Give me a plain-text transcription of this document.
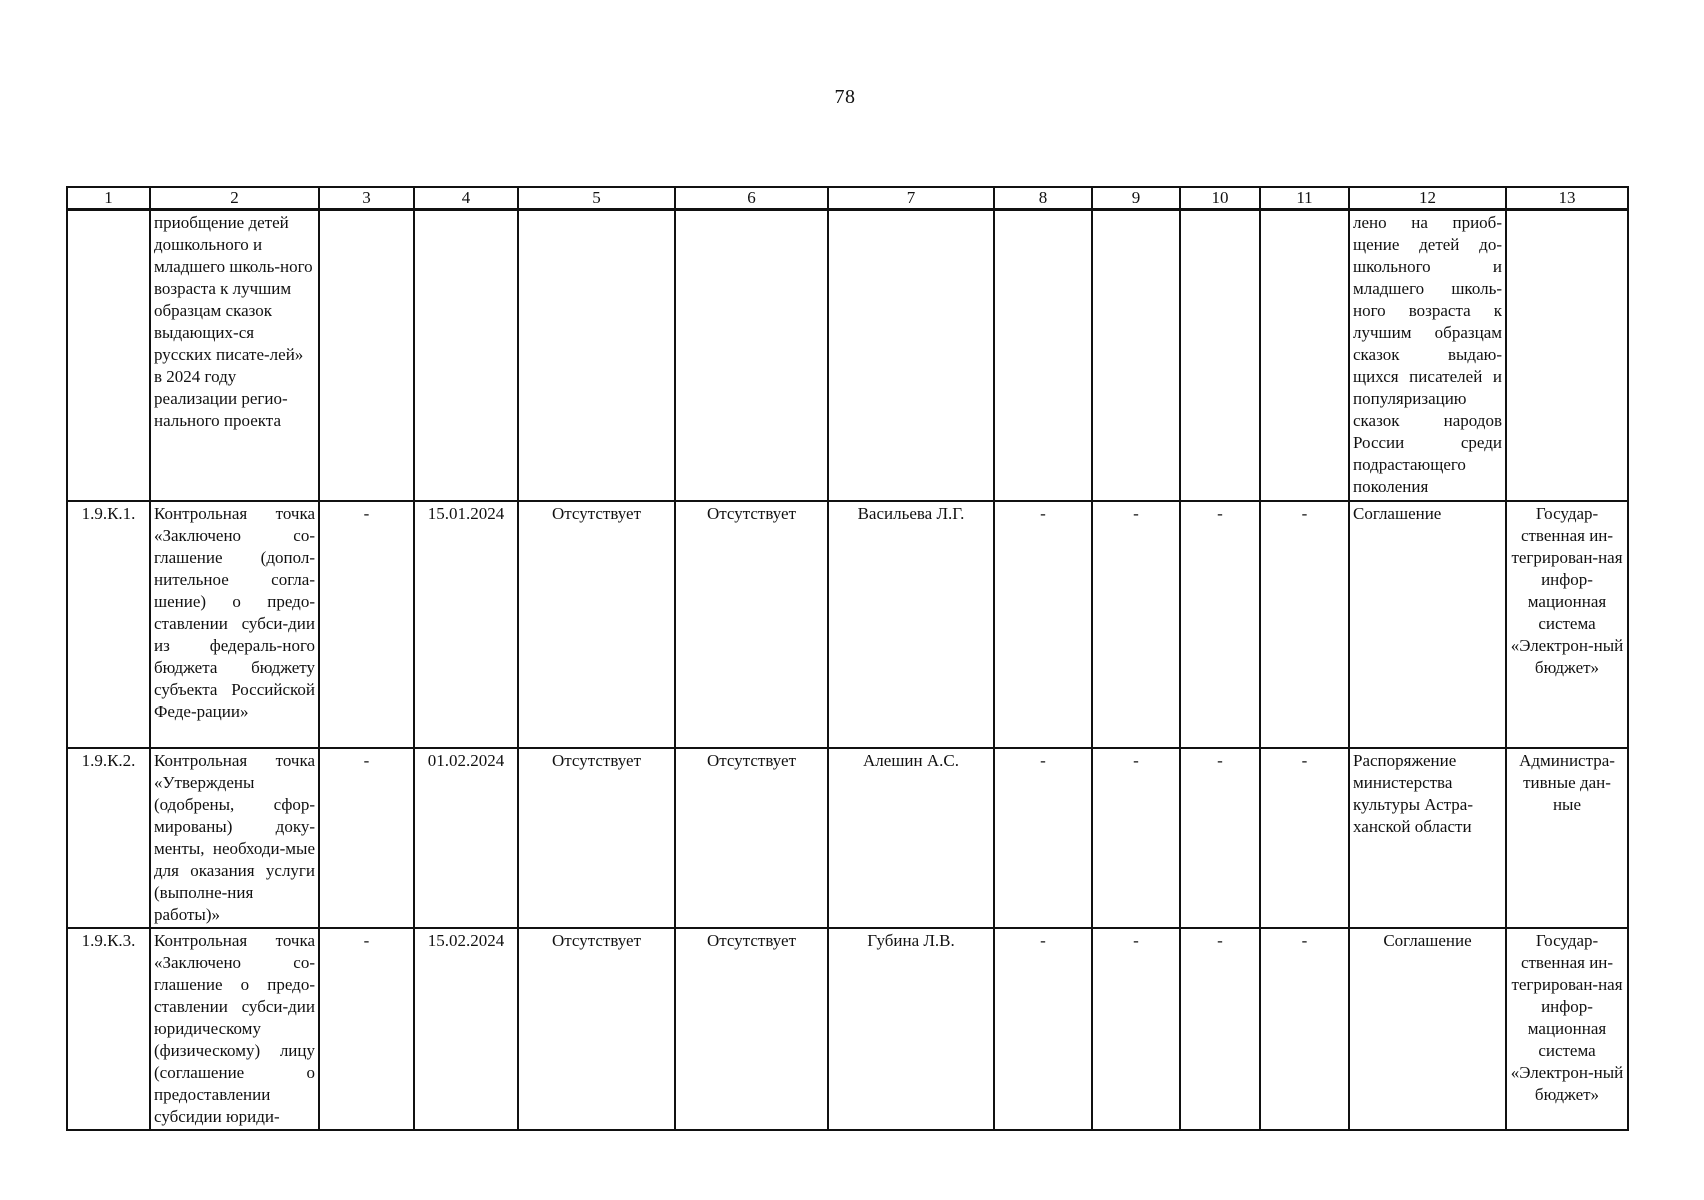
78
1	2	3	4	5	6	7	8	9	10	11	12	13
	приобщение детей дошкольного и младшего школь-ного возраста к лучшим образцам сказок выдающих-ся русских писате-лей» в 2024 году реализации регио-нального проекта										лено на приоб-щение детей до-школьного и младшего школь-ного возраста к лучшим образцам сказок выдаю-щихся писателей и популяризацию сказок народов России среди подрастающего поколения	
1.9.К.1.	Контрольная точка «Заключено со-глашение (допол-нительное согла-шение) о предо-ставлении субси-дии из федераль-ного бюджета бюджету субъекта Российской Феде-рации»	-	15.01.2024	Отсутствует	Отсутствует	Васильева Л.Г.	-	-	-	-	Соглашение	Государ-ственная ин-тегрирован-ная инфор-мационная система «Электрон-ный бюджет»
1.9.К.2.	Контрольная точка «Утверждены (одобрены, сфор-мированы) доку-менты, необходи-мые для оказания услуги (выполне-ния работы)»	-	01.02.2024	Отсутствует	Отсутствует	Алешин А.С.	-	-	-	-	Распоряжение министерства культуры Астра-ханской области	Администра-тивные дан-ные
1.9.К.3.	Контрольная точка «Заключено со-глашение о предо-ставлении субси-дии юридическому (физическому) лицу (соглашение о предоставлении субсидии юриди-	-	15.02.2024	Отсутствует	Отсутствует	Губина Л.В.	-	-	-	-	Соглашение	Государ-ственная ин-тегрирован-ная инфор-мационная система «Электрон-ный бюджет»
